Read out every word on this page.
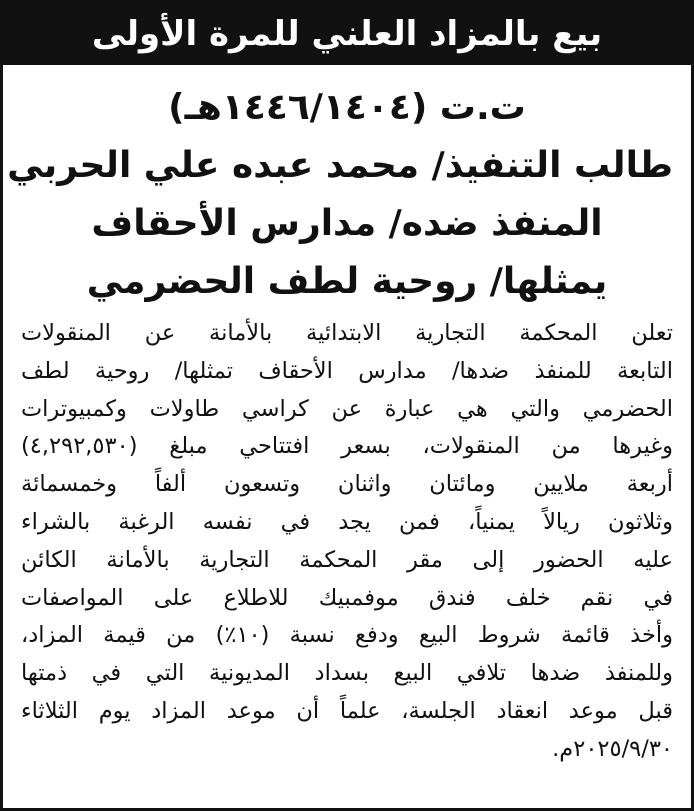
بيع بالمزاد العلني للمرة الأولى
ت.ت (١٤٤٦/١٤٠٤هـ)
طالب التنفيذ/ محمد عبده علي الحربي
المنفذ ضده/ مدارس الأحقاف
يمثلها/ روحية لطف الحضرمي
تعلن المحكمة التجارية الابتدائية بالأمانة عن المنقولات
التابعة للمنفذ ضدها/ مدارس الأحقاف تمثلها/ روحية لطف
الحضرمي والتي هي عبارة عن كراسي طاولات وكمبيوترات
وغيرها من المنقولات، بسعر افتتاحي مبلغ (٤,٢٩٢,٥٣٠)
أربعة ملايين ومائتان واثنان وتسعون ألفاً وخمسمائة
وثلاثون ريالاً يمنياً، فمن يجد في نفسه الرغبة بالشراء
عليه الحضور إلى مقر المحكمة التجارية بالأمانة الكائن
في نقم خلف فندق موفمبيك للاطلاع على المواصفات
وأخذ قائمة شروط البيع ودفع نسبة (١٠٪) من قيمة المزاد،
وللمنفذ ضدها تلافي البيع بسداد المديونية التي في ذمتها
قبل موعد انعقاد الجلسة، علماً أن موعد المزاد يوم الثلاثاء
٢٠٢٥/٩/٣٠م.
